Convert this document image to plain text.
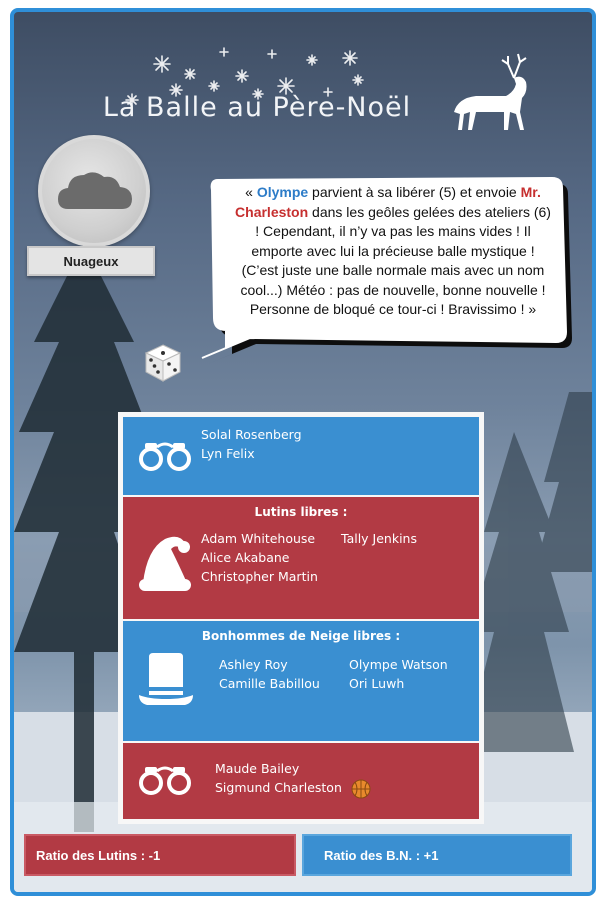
La Balle au Père-Noël
Nuageux
« Olympe parvient à sa libérer (5) et envoie Mr. Charleston dans les geôles gelées des ateliers (6) ! Cependant, il n’y va pas les mains vides ! Il emporte avec lui la précieuse balle mystique ! (C’est juste une balle normale mais avec un nom cool...) Météo : pas de nouvelle, bonne nouvelle ! Personne de bloqué ce tour-ci ! Bravissimo ! »
Solal Rosenberg
Lyn Felix
Lutins libres :
Adam Whitehouse
Alice Akabane
Christopher Martin
Tally Jenkins
Bonhommes de Neige libres :
Ashley Roy
Camille Babillou
Olympe Watson
Ori Luwh
Maude Bailey
Sigmund Charleston
Ratio des Lutins : -1	Ratio des B.N. : +1
